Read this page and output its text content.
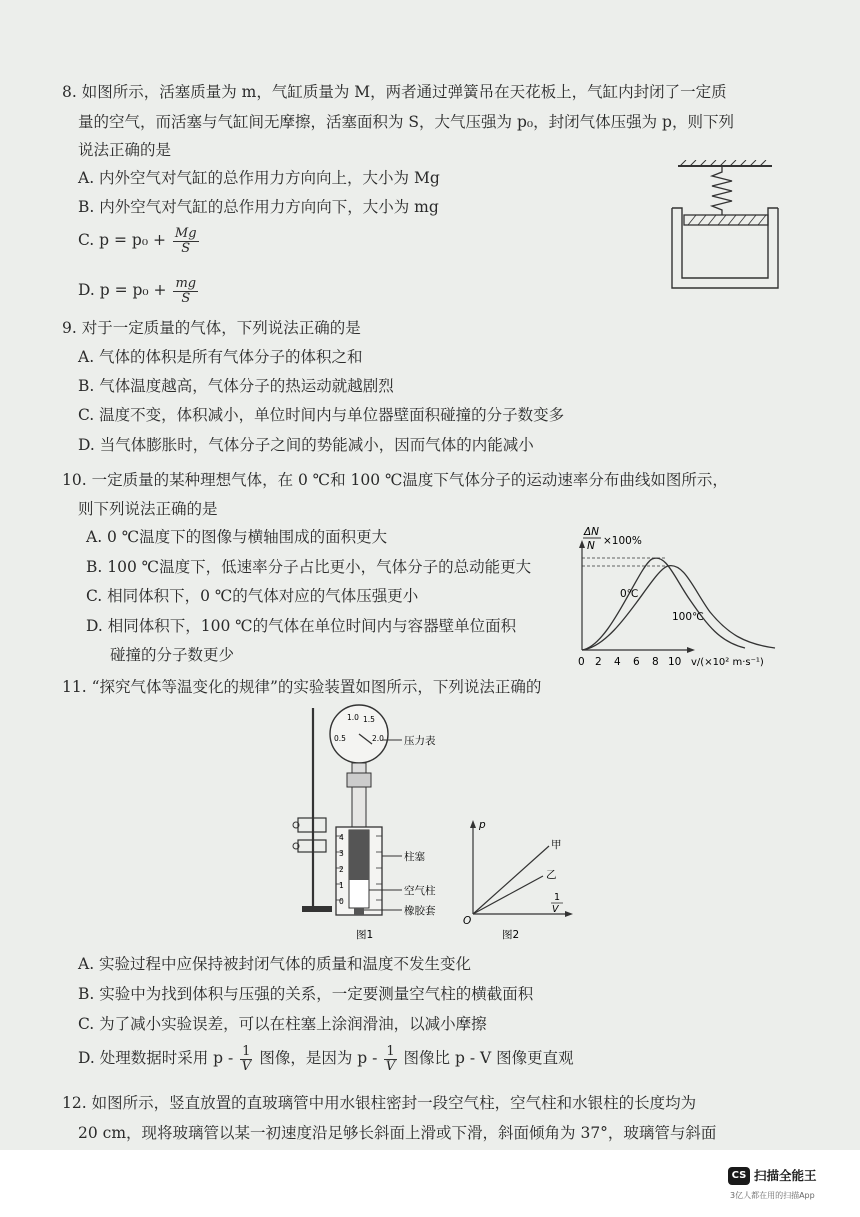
8. 如图所示，活塞质量为 m，气缸质量为 M，两者通过弹簧吊在天花板上，气缸内封闭了一定质
量的空气，而活塞与气缸间无摩擦，活塞面积为 S，大气压强为 p₀，封闭气体压强为 p，则下列
说法正确的是
A. 内外空气对气缸的总作用力方向向上，大小为 Mg
B. 内外空气对气缸的总作用力方向向下，大小为 mg
C. $p = p_0 + \frac{Mg}{S}$
D. $p = p_0 + \frac{mg}{S}$
9. 对于一定质量的气体，下列说法正确的是
A. 气体的体积是所有气体分子的体积之和
B. 气体温度越高，气体分子的热运动就越剧烈
C. 温度不变，体积减小，单位时间内与单位器壁面积碰撞的分子数变多
D. 当气体膨胀时，气体分子之间的势能减小，因而气体的内能减小
10. 一定质量的某种理想气体，在 0 ℃和 100 ℃温度下气体分子的运动速率分布曲线如图所示，
则下列说法正确的是
A. 0 ℃温度下的图像与横轴围成的面积更大
B. 100 ℃温度下，低速率分子占比更小，气体分子的总动能更大
C. 相同体积下，0 ℃的气体对应的气体压强更小
D. 相同体积下，100 ℃的气体在单位时间内与容器壁单位面积
碰撞的分子数更少
ΔN
N ×100%
0℃
100℃
0 2 4 6 8 10 v/(×10² m·s⁻¹)
11. “探究气体等温变化的规律”的实验装置如图所示，下列说法正确的
0.5
1.0 1.5
2.0
4
3
2
1
0
压力表
柱塞
空气柱
橡胶套
图1
p
O
1
V
甲
乙
图2
A. 实验过程中应保持被封闭气体的质量和温度不发生变化
B. 实验中为找到体积与压强的关系，一定要测量空气柱的横截面积
C. 为了减小实验误差，可以在柱塞上涂润滑油，以减小摩擦
D. 处理数据时采用 p - $\frac{1}{V}$ 图像，是因为 p - $\frac{1}{V}$ 图像比 p - V 图像更直观
12. 如图所示，竖直放置的直玻璃管中用水银柱密封一段空气柱，空气柱和水银柱的长度均为
20 cm，现将玻璃管以某一初速度沿足够长斜面上滑或下滑，斜面倾角为 37°，玻璃管与斜面
CS 扫描全能王
3亿人都在用的扫描App
